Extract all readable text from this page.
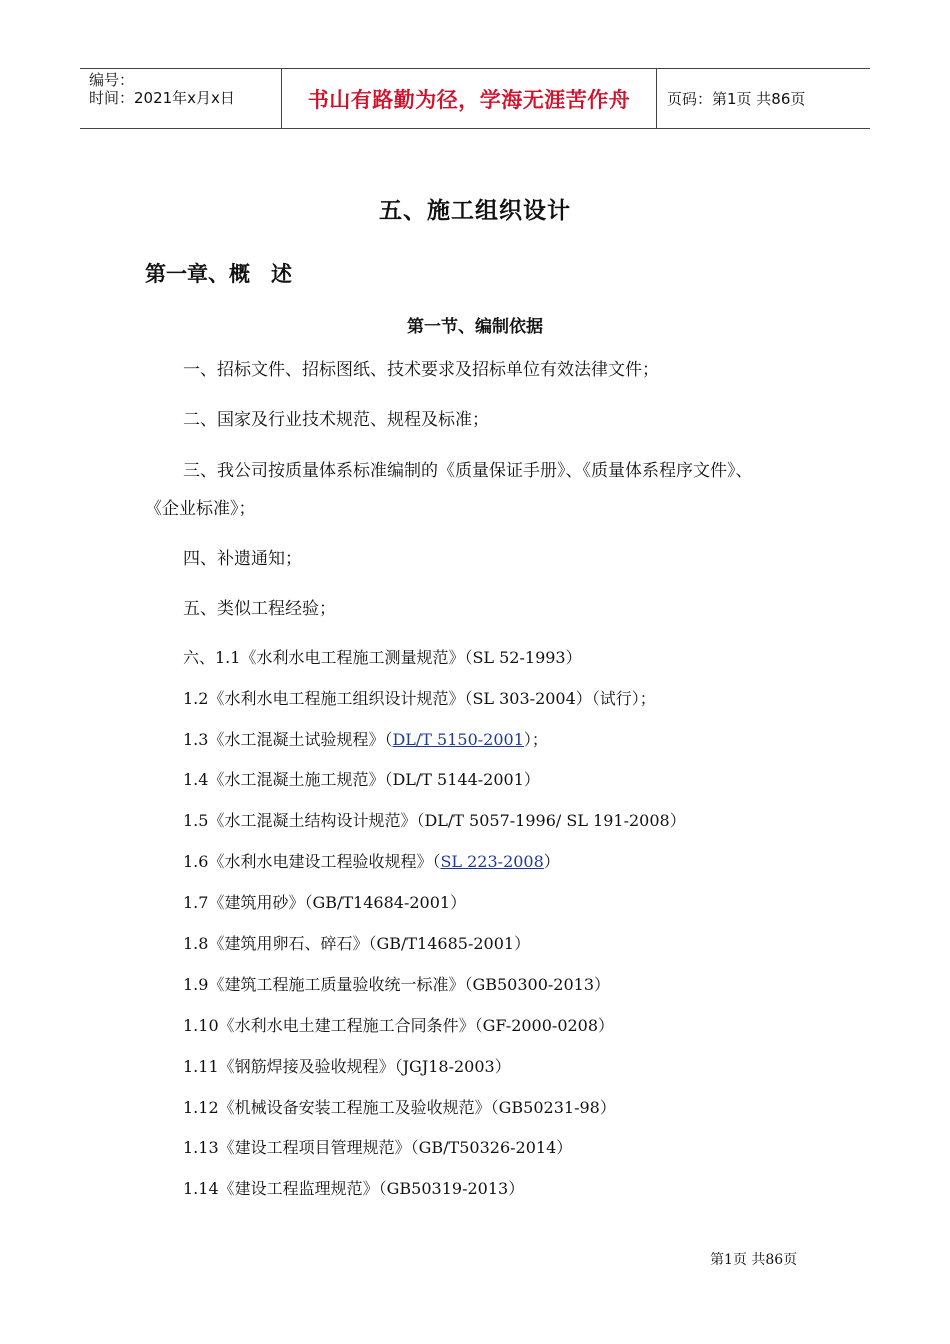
编号：
时间：2021年x月x日	书山有路勤为径，学海无涯苦作舟	页码：第1页 共86页
五、施工组织设计
第一章、概　述
第一节、编制依据
一、招标文件、招标图纸、技术要求及招标单位有效法律文件；
二、国家及行业技术规范、规程及标准；
三、我公司按质量体系标准编制的《质量保证手册》、《质量体系程序文件》、
《企业标准》；
四、补遗通知；
五、类似工程经验；
六、1.1《水利水电工程施工测量规范》（SL 52-1993）
1.2《水利水电工程施工组织设计规范》（SL 303-2004）（试行）；
1.3《水工混凝土试验规程》（DL/T 5150-2001）；
1.4《水工混凝土施工规范》（DL/T 5144-2001）
1.5《水工混凝土结构设计规范》（DL/T 5057-1996/ SL 191-2008）
1.6《水利水电建设工程验收规程》（SL 223-2008）
1.7《建筑用砂》（GB/T14684-2001）
1.8《建筑用卵石、碎石》（GB/T14685-2001）
1.9《建筑工程施工质量验收统一标准》（GB50300-2013）
1.10《水利水电土建工程施工合同条件》（GF-2000-0208）
1.11《钢筋焊接及验收规程》（JGJ18-2003）
1.12《机械设备安装工程施工及验收规范》（GB50231-98）
1.13《建设工程项目管理规范》（GB/T50326-2014）
1.14《建设工程监理规范》（GB50319-2013）
第1页 共86页
